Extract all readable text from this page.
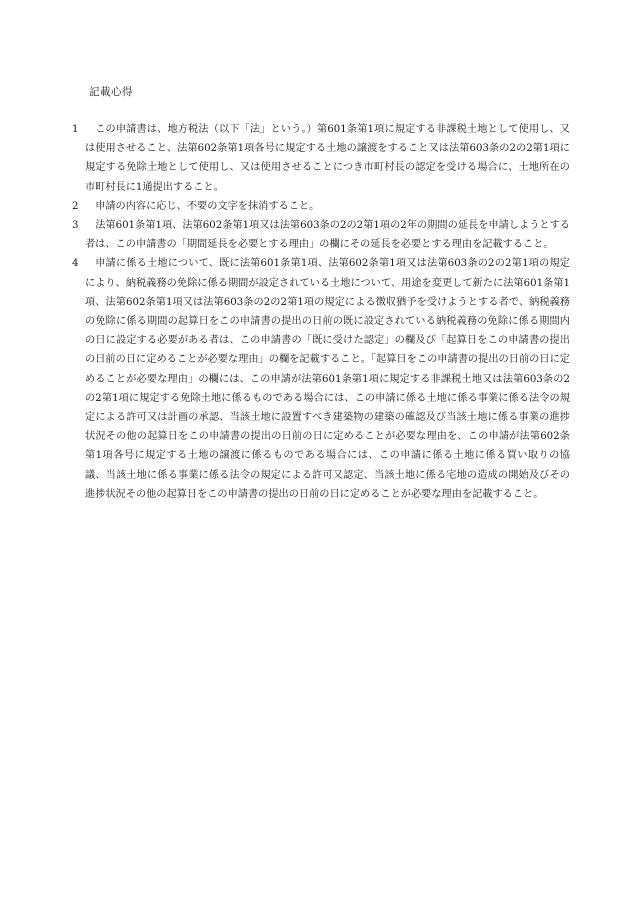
記載心得
1	この申請書は、地方税法（以下「法」という。）第601条第1項に規定する非課税土地として使用し、又は使用させること、法第602条第1項各号に規定する土地の譲渡をすること又は法第603条の2の2第1項に規定する免除土地として使用し、又は使用させることにつき市町村長の認定を受ける場合に、土地所在の市町村長に1通提出すること。
2	申請の内容に応じ、不要の文字を抹消すること。
3	法第601条第1項、法第602条第1項又は法第603条の2の2第1項の2年の期間の延長を申請しようとする者は、この申請書の「期間延長を必要とする理由」の欄にその延長を必要とする理由を記載すること。
4	申請に係る土地について、既に法第601条第1項、法第602条第1項又は法第603条の2の2第1項の規定により、納税義務の免除に係る期間が設定されている土地について、用途を変更して新たに法第601条第1項、法第602条第1項又は法第603条の2の2第1項の規定による徴収猶予を受けようとする者で、納税義務の免除に係る期間の起算日をこの申請書の提出の日前の既に設定されている納税義務の免除に係る期間内の日に設定する必要がある者は、この申請書の「既に受けた認定」の欄及び「起算日をこの申請書の提出の日前の日に定めることが必要な理由」の欄を記載すること。「起算日をこの申請書の提出の日前の日に定めることが必要な理由」の欄には、この申請が法第601条第1項に規定する非課税土地又は法第603条の2の2第1項に規定する免除土地に係るものである場合には、この申請に係る土地に係る事業に係る法令の規定による許可又は計画の承認、当該土地に設置すべき建築物の建築の確認及び当該土地に係る事業の進捗状況その他の起算日をこの申請書の提出の日前の日に定めることが必要な理由を、この申請が法第602条第1項各号に規定する土地の譲渡に係るものである場合には、この申請に係る土地に係る買い取りの協議、当該土地に係る事業に係る法令の規定による許可又認定、当該土地に係る宅地の造成の開始及びその進捗状況その他の起算日をこの申請書の提出の日前の日に定めることが必要な理由を記載すること。
